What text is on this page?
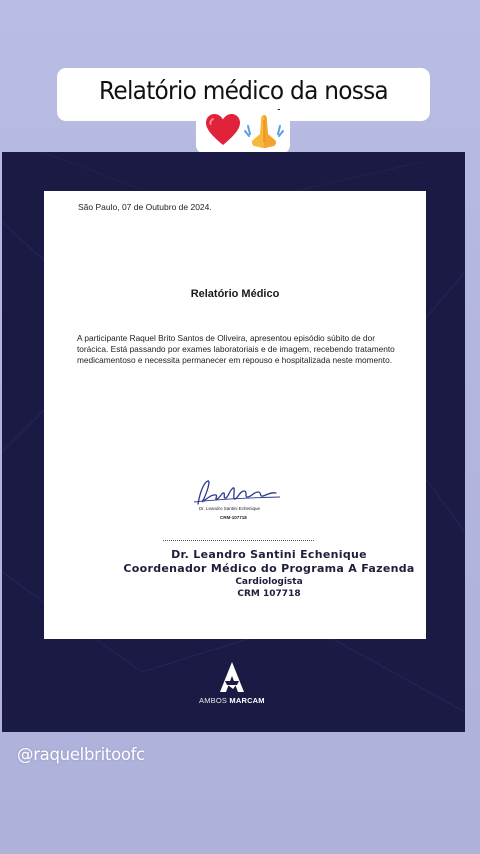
Relatório médico da nossa
São Paulo, 07 de Outubro de 2024.
Relatório Médico
A participante Raquel Brito Santos de Oliveira, apresentou episódio súbito de dor torácica. Está passando por exames laboratoriais e de imagem, recebendo tratamento medicamentoso e necessita permanecer em repouso e hospitalizada neste momento.
Dr. Leandro Santini Echenique
CRM-107718
Dr. Leandro Santini Echenique
Coordenador Médico do Programa A Fazenda
Cardiologista
CRM 107718
AMBOS MARCAM
@raquelbritoofc
